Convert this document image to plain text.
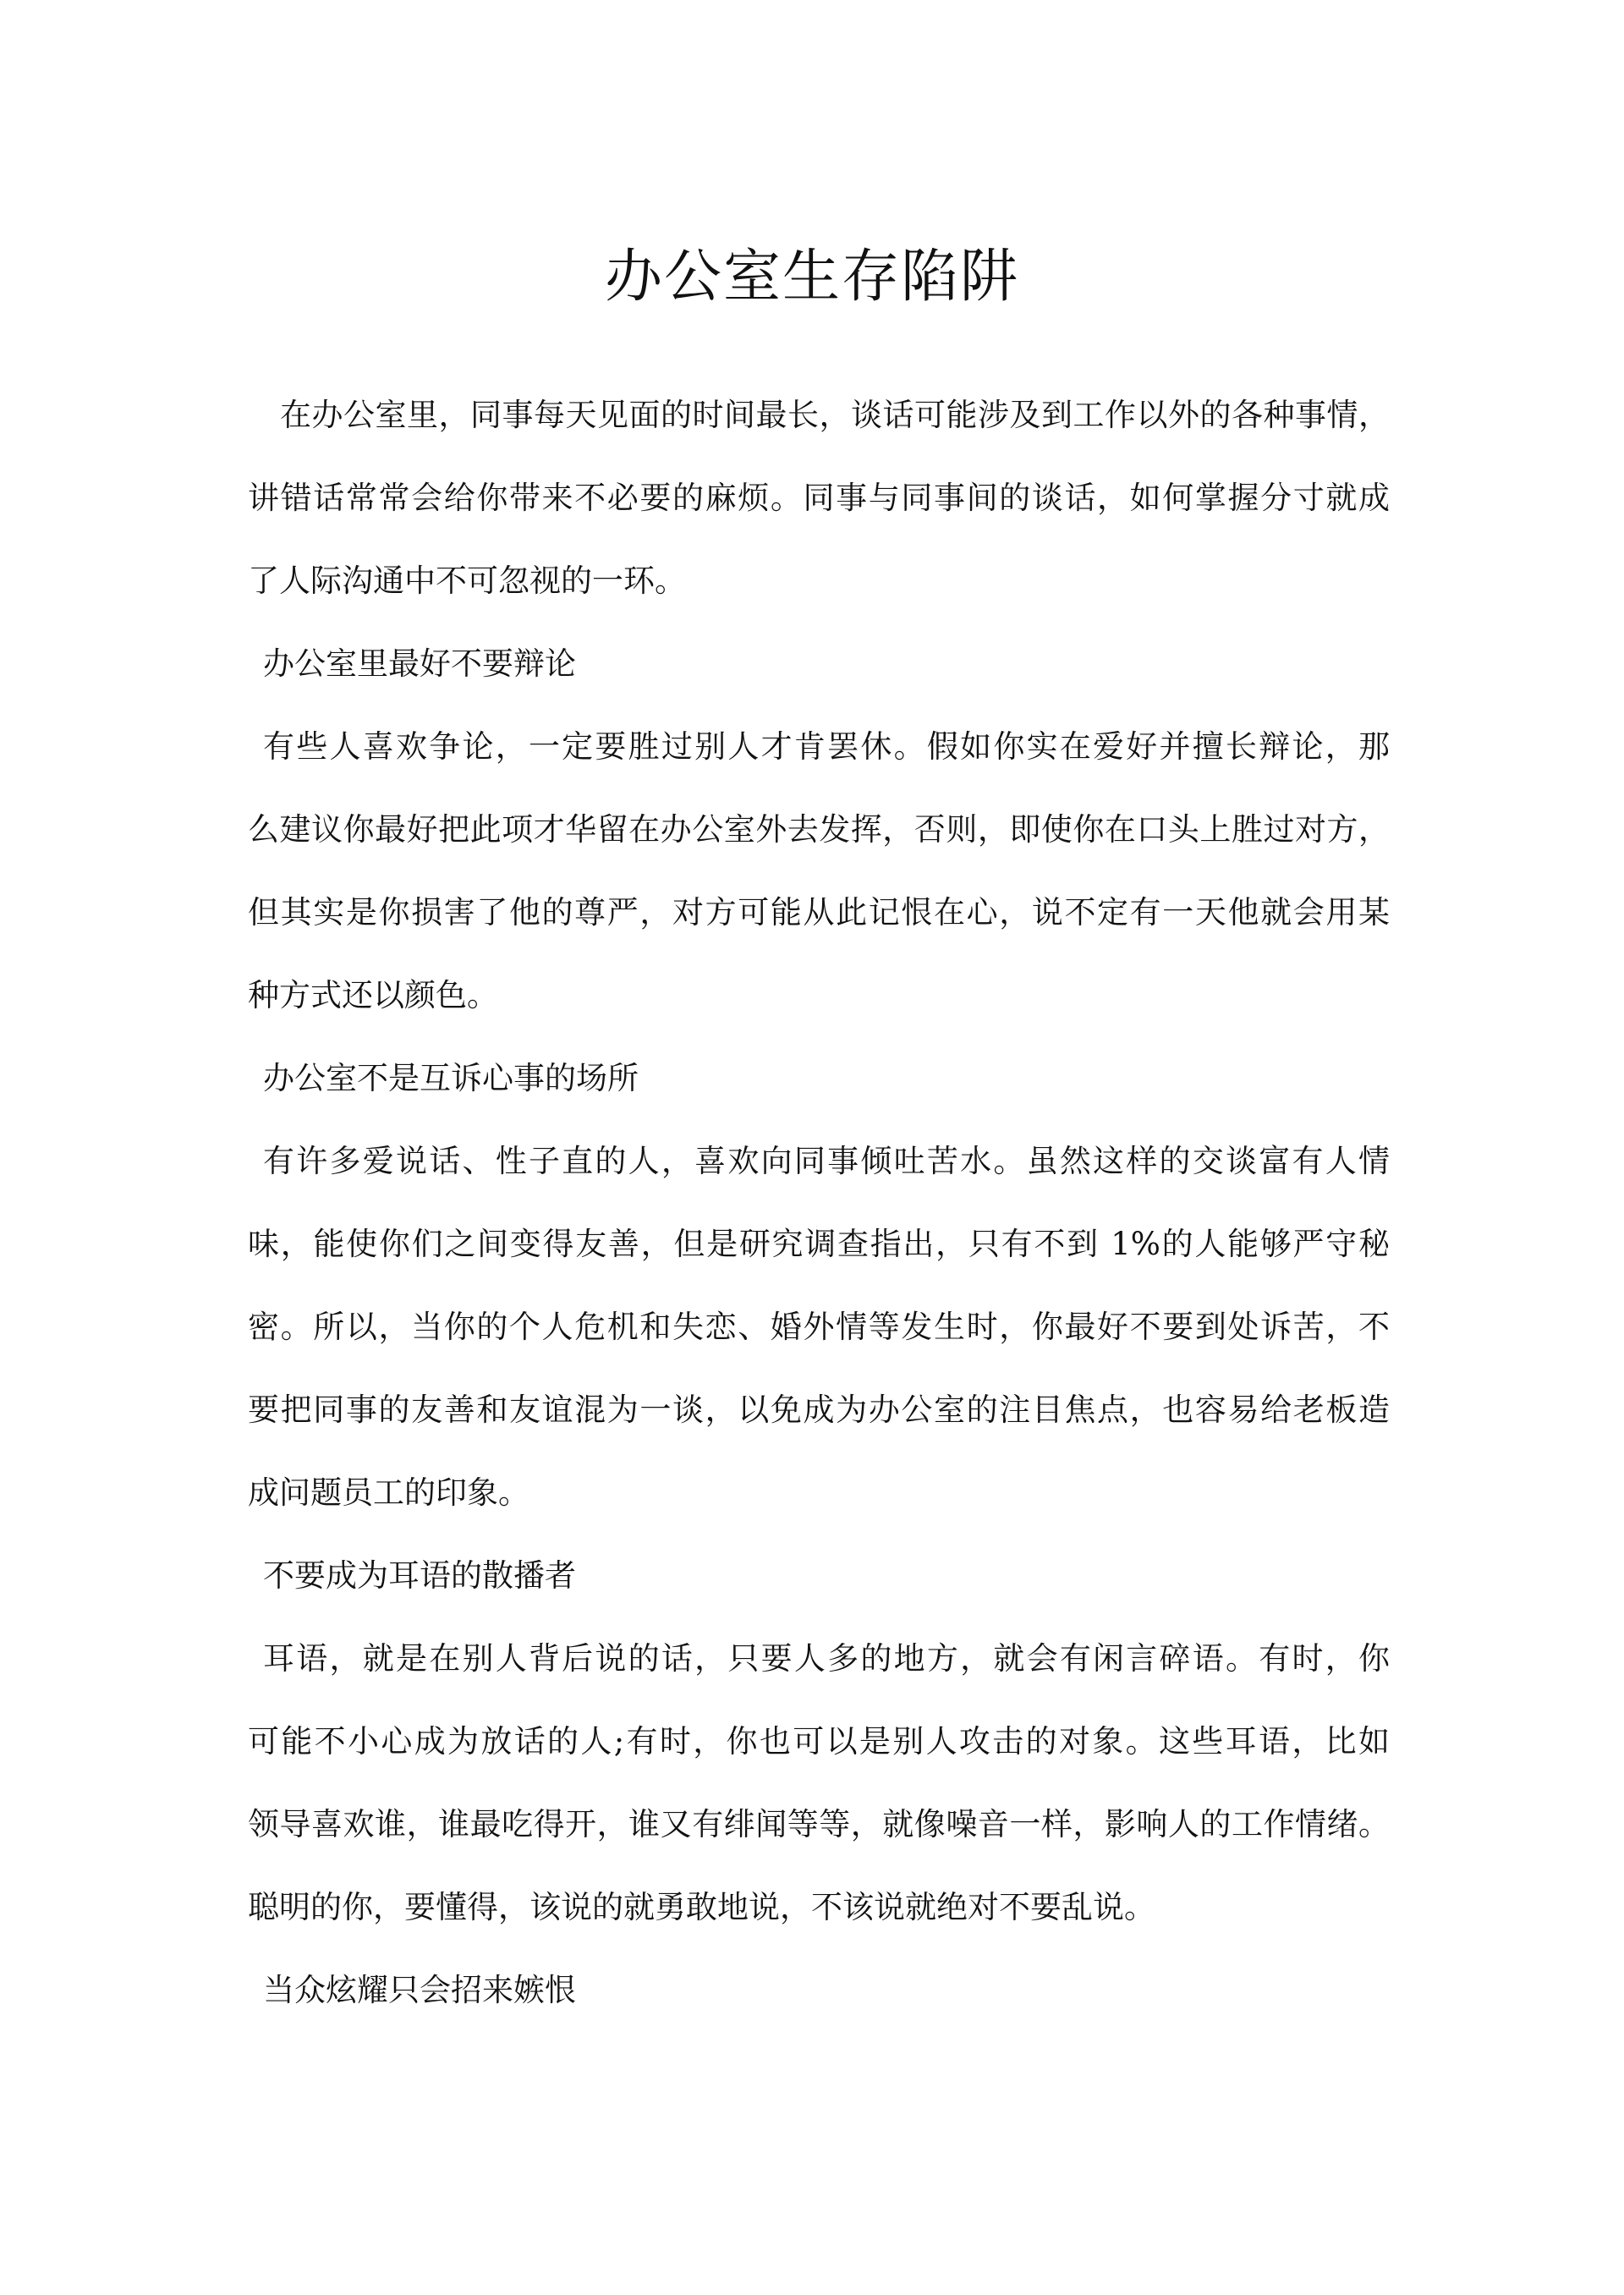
办公室生存陷阱
在办公室里，同事每天见面的时间最长，谈话可能涉及到工作以外的各种事情，
讲错话常常会给你带来不必要的麻烦。同事与同事间的谈话，如何掌握分寸就成
了人际沟通中不可忽视的一环。
办公室里最好不要辩论
有些人喜欢争论，一定要胜过别人才肯罢休。假如你实在爱好并擅长辩论，那
么建议你最好把此项才华留在办公室外去发挥，否则，即使你在口头上胜过对方，
但其实是你损害了他的尊严，对方可能从此记恨在心，说不定有一天他就会用某
种方式还以颜色。
办公室不是互诉心事的场所
有许多爱说话、性子直的人，喜欢向同事倾吐苦水。虽然这样的交谈富有人情
味，能使你们之间变得友善，但是研究调查指出，只有不到 1%的人能够严守秘
密。所以，当你的个人危机和失恋、婚外情等发生时，你最好不要到处诉苦，不
要把同事的友善和友谊混为一谈，以免成为办公室的注目焦点，也容易给老板造
成问题员工的印象。
不要成为耳语的散播者
耳语，就是在别人背后说的话，只要人多的地方，就会有闲言碎语。有时，你
可能不小心成为放话的人;有时，你也可以是别人攻击的对象。这些耳语，比如
领导喜欢谁，谁最吃得开，谁又有绯闻等等，就像噪音一样，影响人的工作情绪。
聪明的你，要懂得，该说的就勇敢地说，不该说就绝对不要乱说。
当众炫耀只会招来嫉恨
